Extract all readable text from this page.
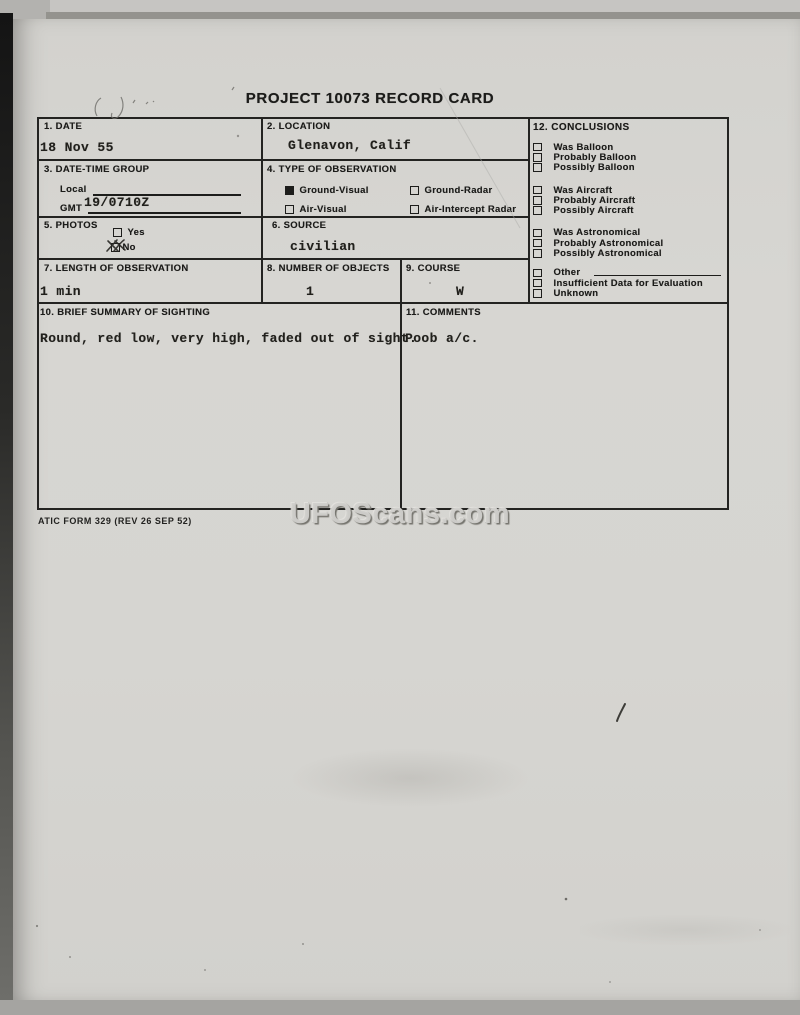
PROJECT 10073 RECORD CARD
1. DATE
18 Nov 55
2. LOCATION
Glenavon, Calif
3. DATE-TIME GROUP
Local
GMT 19/0710Z
4. TYPE OF OBSERVATION
Ground-Visual	Ground-Radar
Air-Visual	Air-Intercept Radar
5. PHOTOS
Yes
No
6. SOURCE
civilian
7. LENGTH OF OBSERVATION
1 min
8. NUMBER OF OBJECTS
1
9. COURSE
W
10. BRIEF SUMMARY OF SIGHTING
Round, red low, very high, faded out of sight.
11. COMMENTS
Poob a/c.
12. CONCLUSIONS
Was Balloon
Probably Balloon
Possibly Balloon
Was Aircraft
Probably Aircraft
Possibly Aircraft
Was Astronomical
Probably Astronomical
Possibly Astronomical
Other
Insufficient Data for Evaluation
Unknown
ATIC FORM 329 (REV 26 SEP 52)	UFOScans.com
